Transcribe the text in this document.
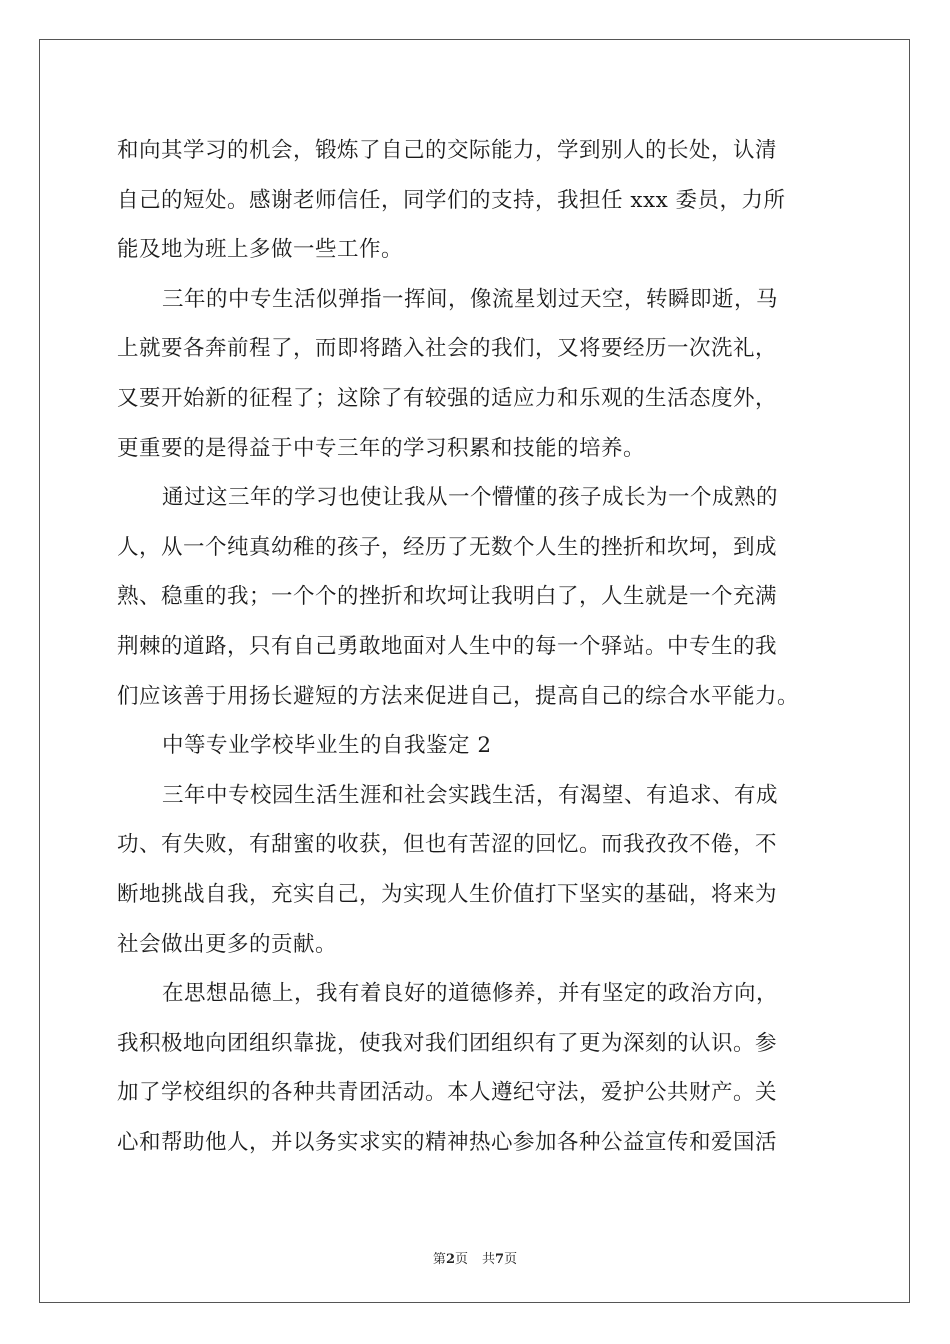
和向其学习的机会，锻炼了自己的交际能力，学到别人的长处，认清
自己的短处。感谢老师信任，同学们的支持，我担任 xxx 委员，力所
能及地为班上多做一些工作。
三年的中专生活似弹指一挥间，像流星划过天空，转瞬即逝，马
上就要各奔前程了，而即将踏入社会的我们，又将要经历一次洗礼，
又要开始新的征程了；这除了有较强的适应力和乐观的生活态度外，
更重要的是得益于中专三年的学习积累和技能的培养。
通过这三年的学习也使让我从一个懵懂的孩子成长为一个成熟的
人，从一个纯真幼稚的孩子，经历了无数个人生的挫折和坎坷，到成
熟、稳重的我；一个个的挫折和坎坷让我明白了，人生就是一个充满
荆棘的道路，只有自己勇敢地面对人生中的每一个驿站。中专生的我
们应该善于用扬长避短的方法来促进自己，提高自己的综合水平能力。
中等专业学校毕业生的自我鉴定 2
三年中专校园生活生涯和社会实践生活，有渴望、有追求、有成
功、有失败，有甜蜜的收获，但也有苦涩的回忆。而我孜孜不倦，不
断地挑战自我，充实自己，为实现人生价值打下坚实的基础，将来为
社会做出更多的贡献。
在思想品德上，我有着良好的道德修养，并有坚定的政治方向，
我积极地向团组织靠拢，使我对我们团组织有了更为深刻的认识。参
加了学校组织的各种共青团活动。本人遵纪守法，爱护公共财产。关
心和帮助他人，并以务实求实的精神热心参加各种公益宣传和爱国活
第2页 共7页
